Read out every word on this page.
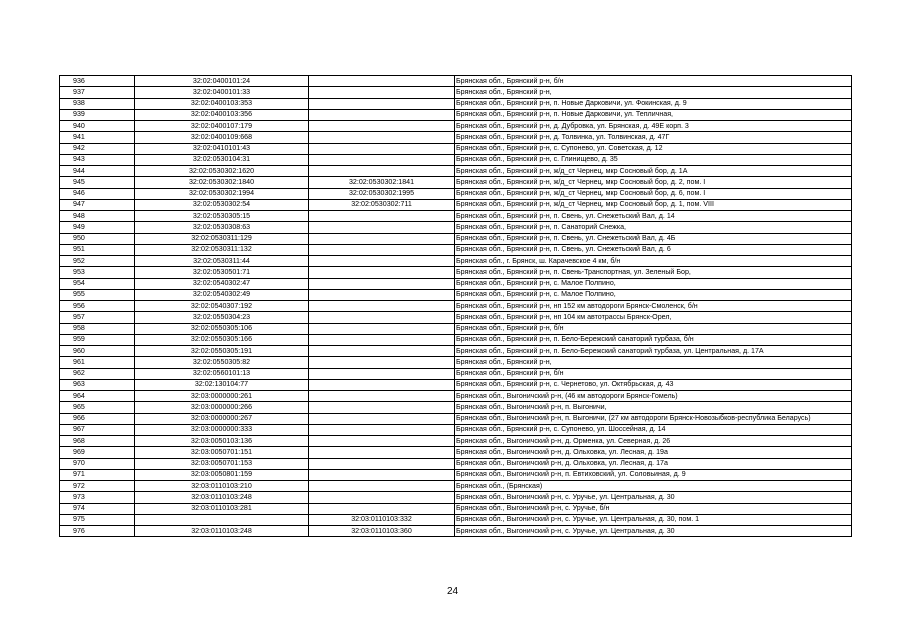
936	32:02:0400101:24		Брянская обл., Брянский р-н, б/н
937	32:02:0400101:33		Брянская обл., Брянский р-н,
938	32:02:0400103:353		Брянская обл., Брянский р-н, п. Новые Дарковичи, ул. Фокинская, д. 9
939	32:02:0400103:356		Брянская обл., Брянский р-н, п. Новые Дарковичи, ул. Тепличная,
940	32:02:0400107:179		Брянская обл., Брянский р-н, д. Дубровка, ул. Брянская, д. 49Е корп. 3
941	32:02:0400109:668		Брянская обл., Брянский р-н, д. Толвинка, ул. Толвинская, д. 47Г
942	32:02:0410101:43		Брянская обл., Брянский р-н, с. Супонево, ул. Советская, д. 12
943	32:02:0530104:31		Брянская обл., Брянский р-н, с. Глинищево, д. 35
944	32:02:0530302:1620		Брянская обл., Брянский р-н, ж/д_ст Чернец, мкр Сосновый бор, д. 1А
945	32:02:0530302:1840	32:02:0530302:1841	Брянская обл., Брянский р-н, ж/д_ст Чернец, мкр Сосновый бор, д. 2, пом. I
946	32:02:0530302:1994	32:02:0530302:1995	Брянская обл., Брянский р-н, ж/д_ст Чернец, мкр Сосновый бор, д. 6, пом. I
947	32:02:0530302:54	32:02:0530302:711	Брянская обл., Брянский р-н, ж/д_ст Чернец, мкр Сосновый бор, д. 1, пом. VIII
948	32:02:0530305:15		Брянская обл., Брянский р-н, п. Свень, ул. Снежетьский Вал, д. 14
949	32:02:0530308:63		Брянская обл., Брянский р-н, п. Санаторий Снежка,
950	32:02:0530311:129		Брянская обл., Брянский р-н, п. Свень, ул. Снежетьский Вал, д. 4Б
951	32:02:0530311:132		Брянская обл., Брянский р-н, п. Свень, ул. Снежетьский Вал, д. 6
952	32:02:0530311:44		Брянская обл., г. Брянск, ш. Карачевское 4 км, б/н
953	32:02:0530501:71		Брянская обл., Брянский р-н, п. Свень-Транспортная, ул. Зеленый Бор,
954	32:02:0540302:47		Брянская обл., Брянский р-н, с. Малое Полпино,
955	32:02:0540302:49		Брянская обл., Брянский р-н, с. Малое Полпино,
956	32:02:0540307:192		Брянская обл., Брянский р-н, нп 152 км автодороги Брянск-Смоленск, б/н
957	32:02:0550304:23		Брянская обл., Брянский р-н, нп 104 км автотрассы Брянск-Орел,
958	32:02:0550305:106		Брянская обл., Брянский р-н, б/н
959	32:02:0550305:166		Брянская обл., Брянский р-н, п. Бело-Бережский санаторий турбаза, б/н
960	32:02:0550305:191		Брянская обл., Брянский р-н, п. Бело-Бережский санаторий турбаза, ул. Центральная, д. 17А
961	32:02:0550305:82		Брянская обл., Брянский р-н,
962	32:02:0560101:13		Брянская обл., Брянский р-н, б/н
963	32:02:130104:77		Брянская обл., Брянский р-н, с. Чернетово, ул. Октябрьская, д. 43
964	32:03:0000000:261		Брянская обл., Выгоничский р-н, (46 км автодороги Брянск-Гомель)
965	32:03:0000000:266		Брянская обл., Выгоничский р-н, п. Выгоничи,
966	32:03:0000000:267		Брянская обл., Выгоничский р-н, п. Выгоничи, (27 км автодороги Брянск-Новозыбков-республика Беларусь)
967	32:03:0000000:333		Брянская обл., Брянский р-н, с. Супонево, ул. Шоссейная, д. 14
968	32:03:0050103:136		Брянская обл., Выгоничский р-н, д. Орменка, ул. Северная, д. 26
969	32:03:0050701:151		Брянская обл., Выгоничский р-н, д. Ольховка, ул. Лесная, д. 19а
970	32:03:0050701:153		Брянская обл., Выгоничский р-н, д. Ольховка, ул. Лесная, д. 17а
971	32:03:0050801:159		Брянская обл., Выгоничский р-н, п. Евтиховский, ул. Соловьиная, д. 9
972	32:03:0110103:210		Брянская обл., (Брянская)
973	32:03:0110103:248		Брянская обл., Выгоничский р-н, с. Уручье, ул. Центральная, д. 30
974	32:03:0110103:281		Брянская обл., Выгоничский р-н, с. Уручье, б/н
975		32:03:0110103:332	Брянская обл., Выгоничский р-н, с. Уручье, ул. Центральная, д. 30, пом. 1
976	32:03:0110103:248	32:03:0110103:360	Брянская обл., Выгоничский р-н, с. Уручье, ул. Центральная, д. 30
24
